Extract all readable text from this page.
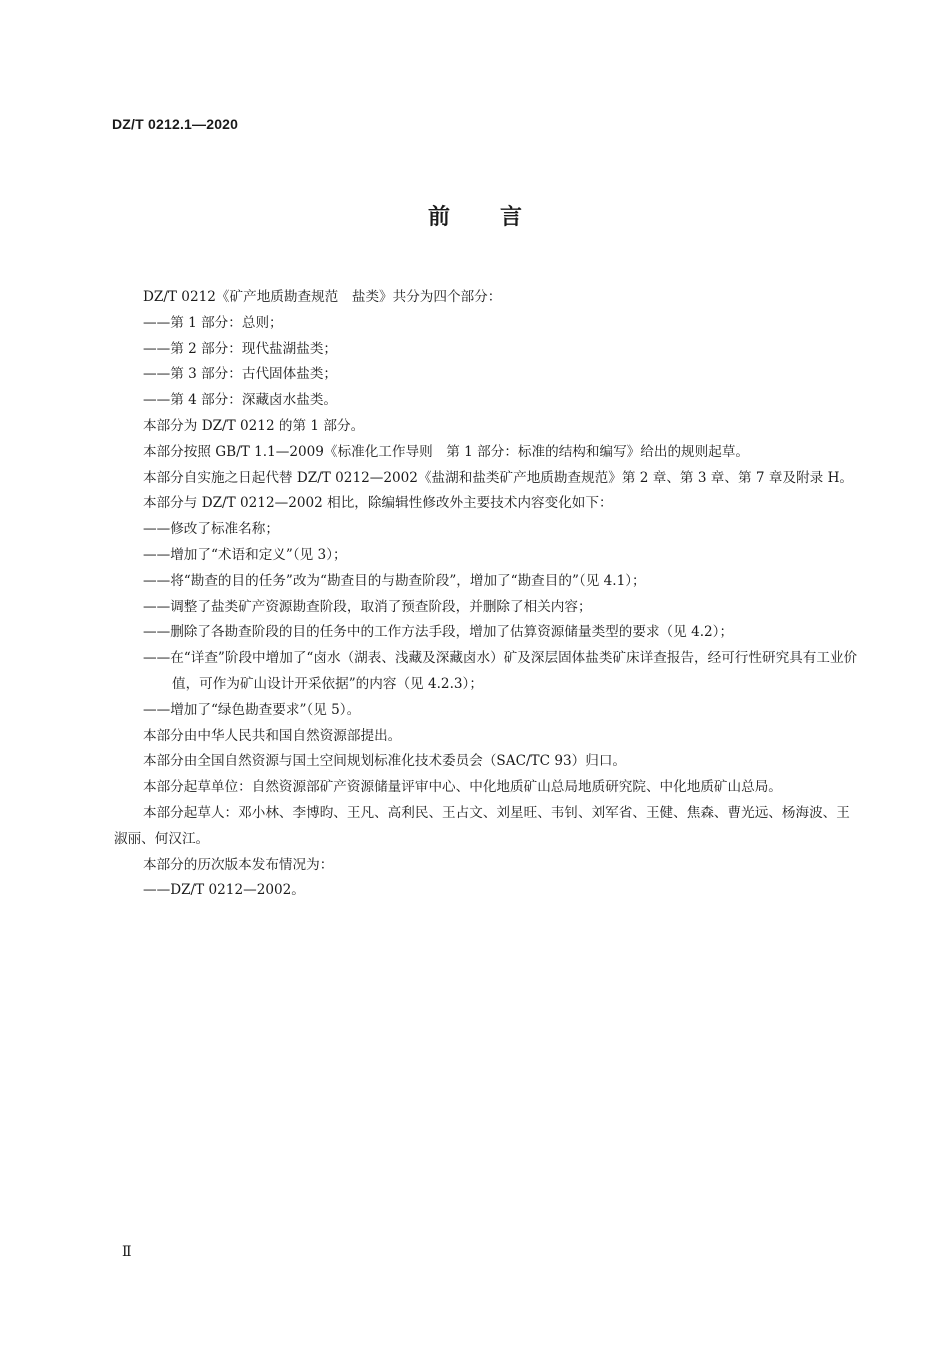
DZ/T 0212.1—2020
前言

DZ/T 0212《矿产地质勘查规范　盐类》共分为四个部分：

——第 1 部分：总则；

——第 2 部分：现代盐湖盐类；

——第 3 部分：古代固体盐类；

——第 4 部分：深藏卤水盐类。

本部分为 DZ/T 0212 的第 1 部分。

本部分按照 GB/T 1.1—2009《标准化工作导则　第 1 部分：标准的结构和编写》给出的规则起草。

本部分自实施之日起代替 DZ/T 0212—2002《盐湖和盐类矿产地质勘查规范》第 2 章、第 3 章、第 7 章及附录 H。

本部分与 DZ/T 0212—2002 相比，除编辑性修改外主要技术内容变化如下：

——修改了标准名称；

——增加了“术语和定义”（见 3）；

——将“勘查的目的任务”改为“勘查目的与勘查阶段”，增加了“勘查目的”（见 4.1）；

——调整了盐类矿产资源勘查阶段，取消了预查阶段，并删除了相关内容；

——删除了各勘查阶段的目的任务中的工作方法手段，增加了估算资源储量类型的要求（见 4.2）；

——在“详查”阶段中增加了“卤水（湖表、浅藏及深藏卤水）矿及深层固体盐类矿床详查报告，经可行性研究具有工业价值，可作为矿山设计开采依据”的内容（见 4.2.3）；

——增加了“绿色勘查要求”（见 5）。

本部分由中华人民共和国自然资源部提出。

本部分由全国自然资源与国土空间规划标准化技术委员会（SAC/TC 93）归口。

本部分起草单位：自然资源部矿产资源储量评审中心、中化地质矿山总局地质研究院、中化地质矿山总局。

本部分起草人：邓小林、李博昀、王凡、高利民、王占文、刘星旺、韦钊、刘军省、王健、焦森、曹光远、杨海波、王淑丽、何汉江。

本部分的历次版本发布情况为：

——DZ/T 0212—2002。

Ⅱ
